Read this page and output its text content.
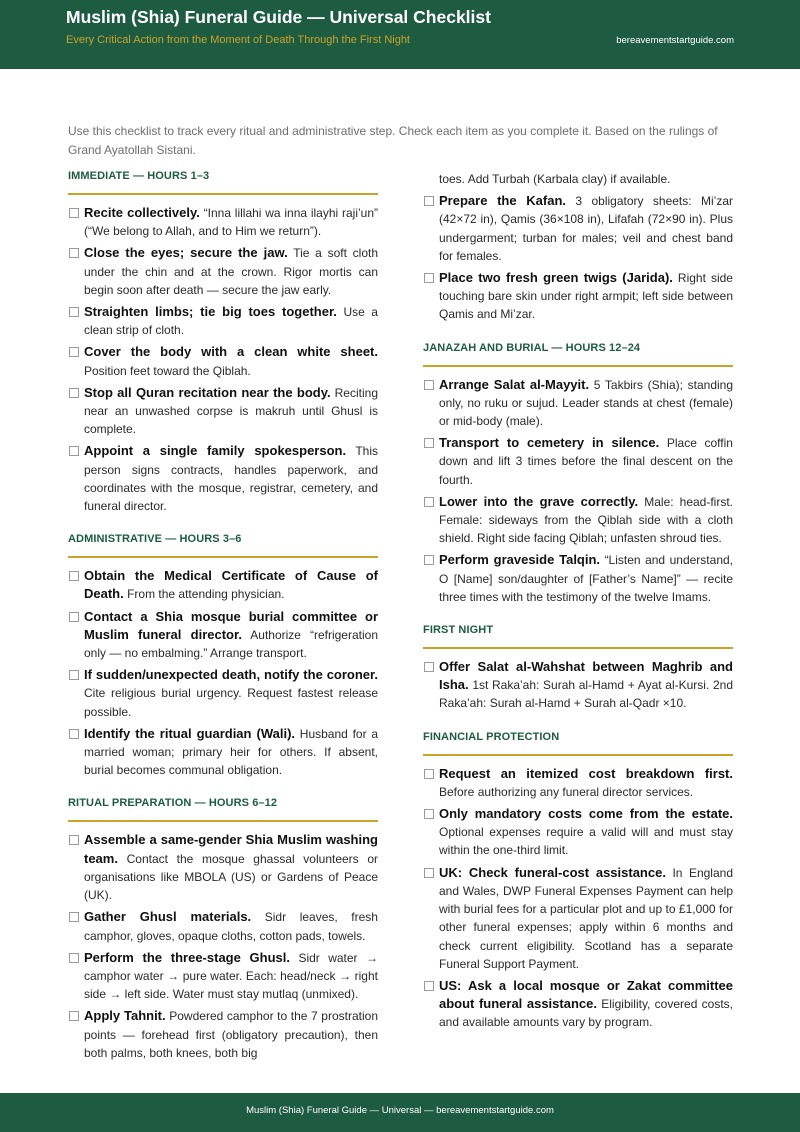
Muslim (Shia) Funeral Guide — Universal Checklist
Every Critical Action from the Moment of Death Through the First Night	bereavementstartguide.com
Use this checklist to track every ritual and administrative step. Check each item as you complete it. Based on the rulings of Grand Ayatollah Sistani.
IMMEDIATE — HOURS 1–3
Recite collectively. “Inna lillahi wa inna ilayhi raji’un” (“We belong to Allah, and to Him we return”).
Close the eyes; secure the jaw. Tie a soft cloth under the chin and at the crown. Rigor mortis can begin soon after death — secure the jaw early.
Straighten limbs; tie big toes together. Use a clean strip of cloth.
Cover the body with a clean white sheet. Position feet toward the Qiblah.
Stop all Quran recitation near the body. Reciting near an unwashed corpse is makruh until Ghusl is complete.
Appoint a single family spokesperson. This person signs contracts, handles paperwork, and coordinates with the mosque, registrar, cemetery, and funeral director.
ADMINISTRATIVE — HOURS 3–6
Obtain the Medical Certificate of Cause of Death. From the attending physician.
Contact a Shia mosque burial committee or Muslim funeral director. Authorize “refrigeration only — no embalming.” Arrange transport.
If sudden/unexpected death, notify the coroner. Cite religious burial urgency. Request fastest release possible.
Identify the ritual guardian (Wali). Husband for a married woman; primary heir for others. If absent, burial becomes communal obligation.
RITUAL PREPARATION — HOURS 6–12
Assemble a same-gender Shia Muslim washing team. Contact the mosque ghassal volunteers or organisations like MBOLA (US) or Gardens of Peace (UK).
Gather Ghusl materials. Sidr leaves, fresh camphor, gloves, opaque cloths, cotton pads, towels.
Perform the three-stage Ghusl. Sidr water → camphor water → pure water. Each: head/neck → right side → left side. Water must stay mutlaq (unmixed).
Apply Tahnit. Powdered camphor to the 7 prostration points — forehead first (obligatory precaution), then both palms, both knees, both big
toes. Add Turbah (Karbala clay) if available.
Prepare the Kafan. 3 obligatory sheets: Mi’zar (42×72 in), Qamis (36×108 in), Lifafah (72×90 in). Plus undergarment; turban for males; veil and chest band for females.
Place two fresh green twigs (Jarida). Right side touching bare skin under right armpit; left side between Qamis and Mi’zar.
JANAZAH AND BURIAL — HOURS 12–24
Arrange Salat al-Mayyit. 5 Takbirs (Shia); standing only, no ruku or sujud. Leader stands at chest (female) or mid-body (male).
Transport to cemetery in silence. Place coffin down and lift 3 times before the final descent on the fourth.
Lower into the grave correctly. Male: head-first. Female: sideways from the Qiblah side with a cloth shield. Right side facing Qiblah; unfasten shroud ties.
Perform graveside Talqin. “Listen and understand, O [Name] son/daughter of [Father’s Name]” — recite three times with the testimony of the twelve Imams.
FIRST NIGHT
Offer Salat al-Wahshat between Maghrib and Isha. 1st Raka’ah: Surah al-Hamd + Ayat al-Kursi. 2nd Raka’ah: Surah al-Hamd + Surah al-Qadr ×10.
FINANCIAL PROTECTION
Request an itemized cost breakdown first. Before authorizing any funeral director services.
Only mandatory costs come from the estate. Optional expenses require a valid will and must stay within the one-third limit.
UK: Check funeral-cost assistance. In England and Wales, DWP Funeral Expenses Payment can help with burial fees for a particular plot and up to £1,000 for other funeral expenses; apply within 6 months and check current eligibility. Scotland has a separate Funeral Support Payment.
US: Ask a local mosque or Zakat committee about funeral assistance. Eligibility, covered costs, and available amounts vary by program.
Muslim (Shia) Funeral Guide — Universal — bereavementstartguide.com
